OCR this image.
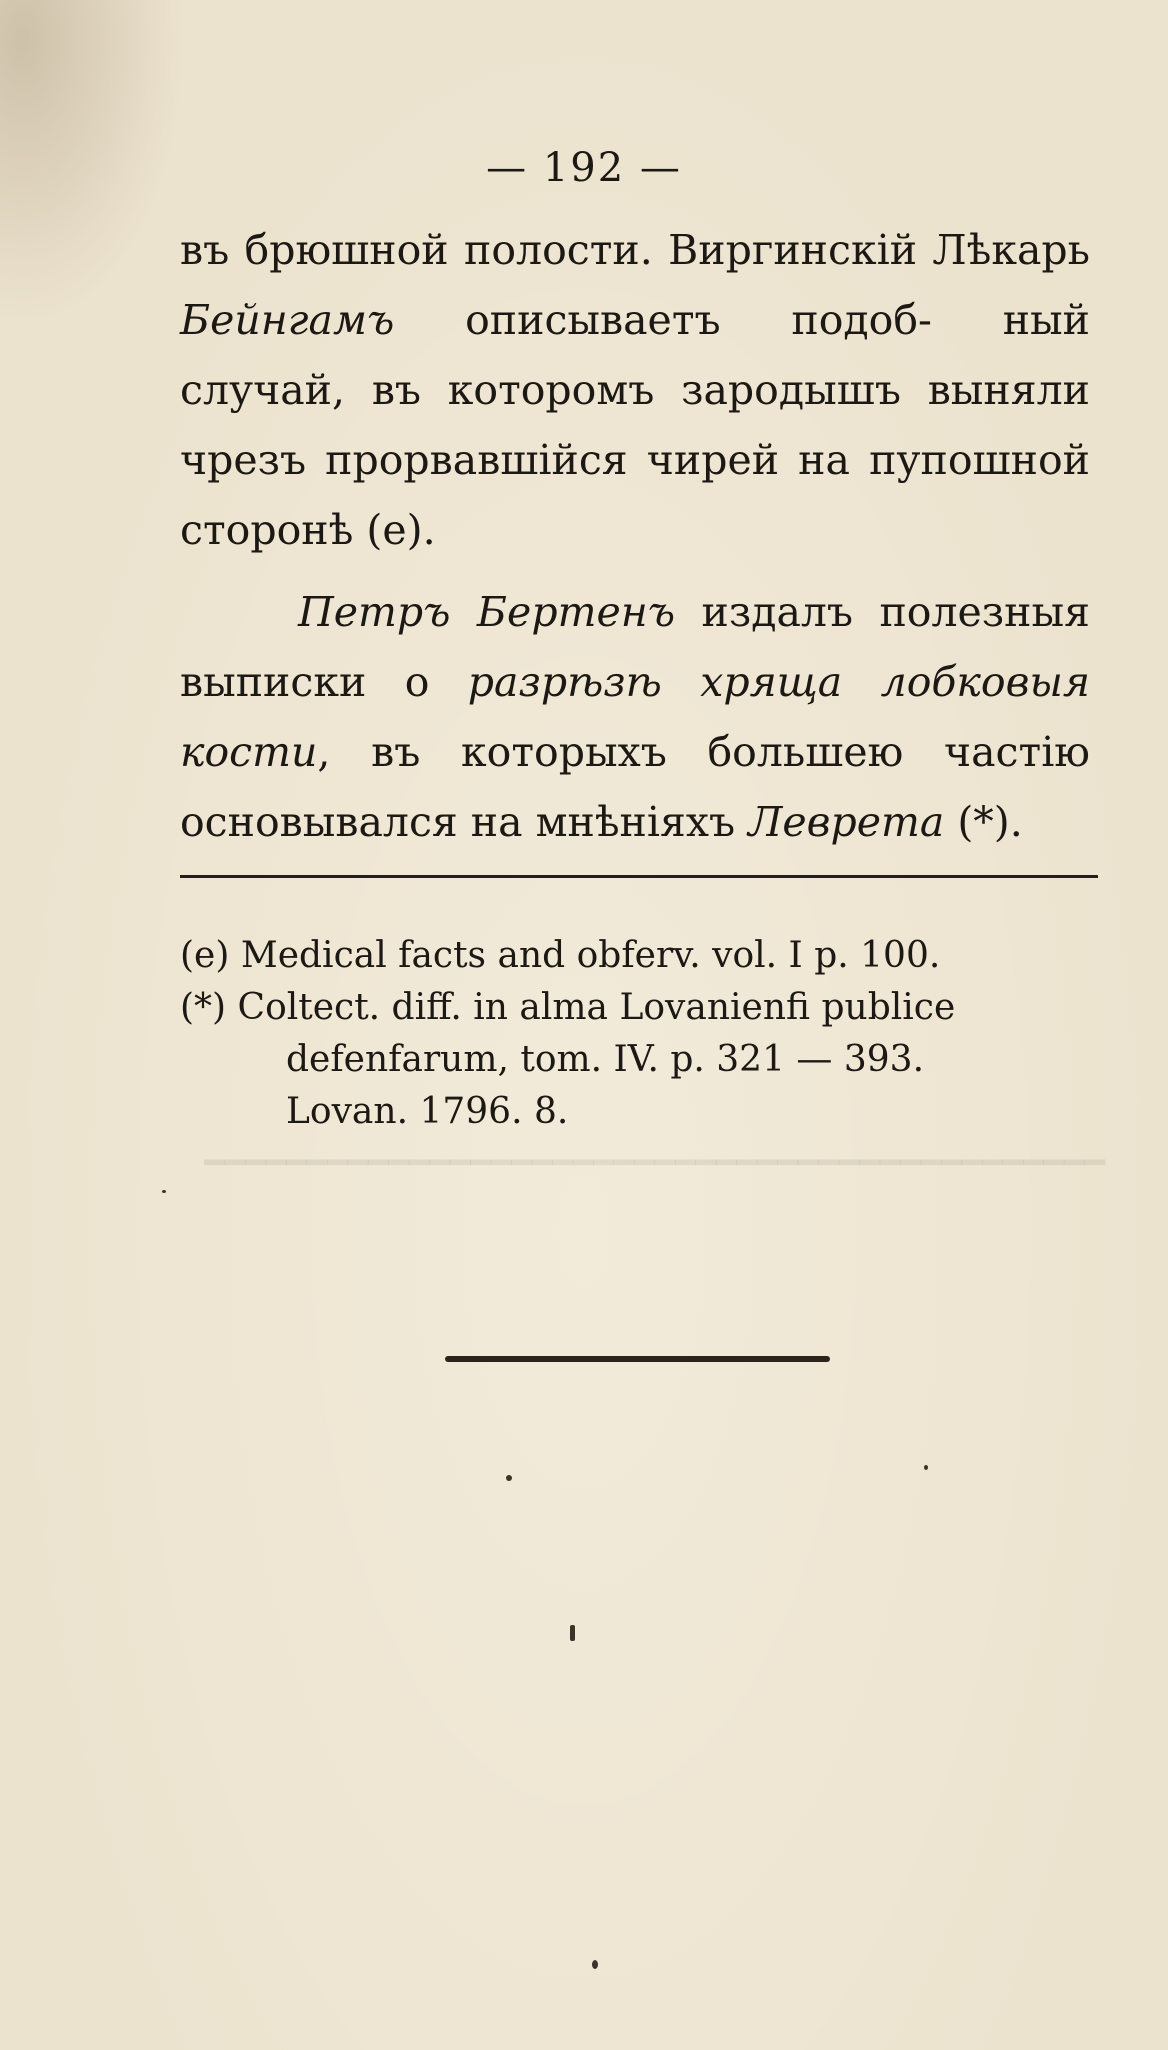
━━━━━━━━━━━━━━━━━━━━━━━━━━━━━━━━━━━━━━━━━━━━
— 192 —

въ брюшной полости. Виргинскій Лѣкарь Бейнгамъ описываетъ подоб- ный случай, въ которомъ зародышъ выняли чрезъ прорвавшійся чирей на пупошной сторонѣ (е).

Петръ Бертенъ издалъ полезныя выписки о разрѣзѣ хряща лобковыя кости, въ которыхъ большею частію основывался на мнѣніяхъ Леврета (*).

(e) Medical facts and obferv. vol. I p. 100.

(*) Coltect. diff. in alma Lovanienfi publice

defenfarum, tom. IV. p. 321 — 393.

Lovan. 1796. 8.
